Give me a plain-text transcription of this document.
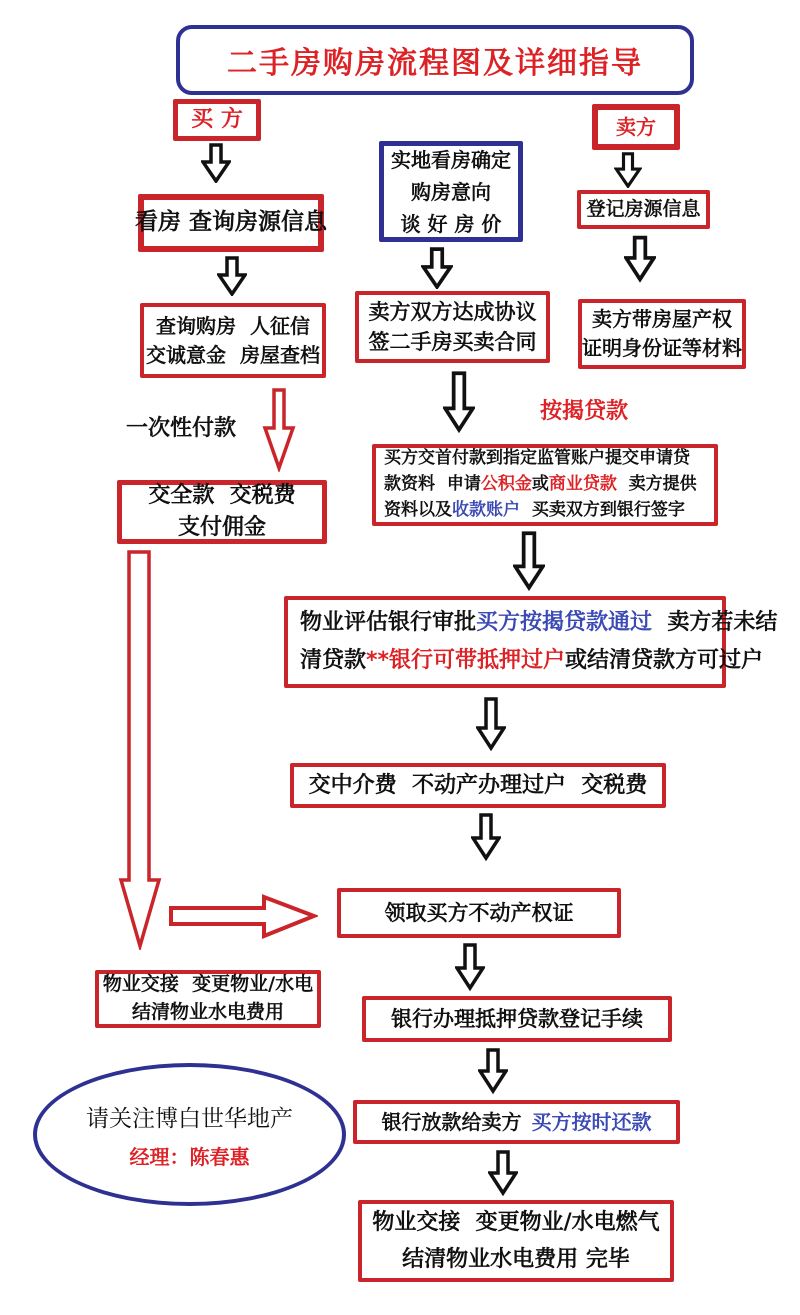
二手房购房流程图及详细指导
买 方
看房 查询房源信息
查询购房  人征信
交诚意金  房屋查档
一次性付款
交全款  交税费
支付佣金
物业交接  变更物业/水电
结清物业水电费用
请关注博白世华地产
经理：陈春惠
实地看房确定
购房意向
谈 好 房 价
卖方双方达成协议
签二手房买卖合同
按揭贷款
买方交首付款到指定监管账户提交申请贷
款资料  申请公积金或商业贷款  卖方提供
资料以及收款账户  买卖双方到银行签字
物业评估银行审批买方按揭贷款通过  卖方若未结
清贷款**银行可带抵押过户或结清贷款方可过户
交中介费  不动产办理过户  交税费
领取买方不动产权证
银行办理抵押贷款登记手续
银行放款给卖方 买方按时还款
物业交接  变更物业/水电燃气
结清物业水电费用 完毕
卖方
登记房源信息
卖方带房屋产权
证明身份证等材料
